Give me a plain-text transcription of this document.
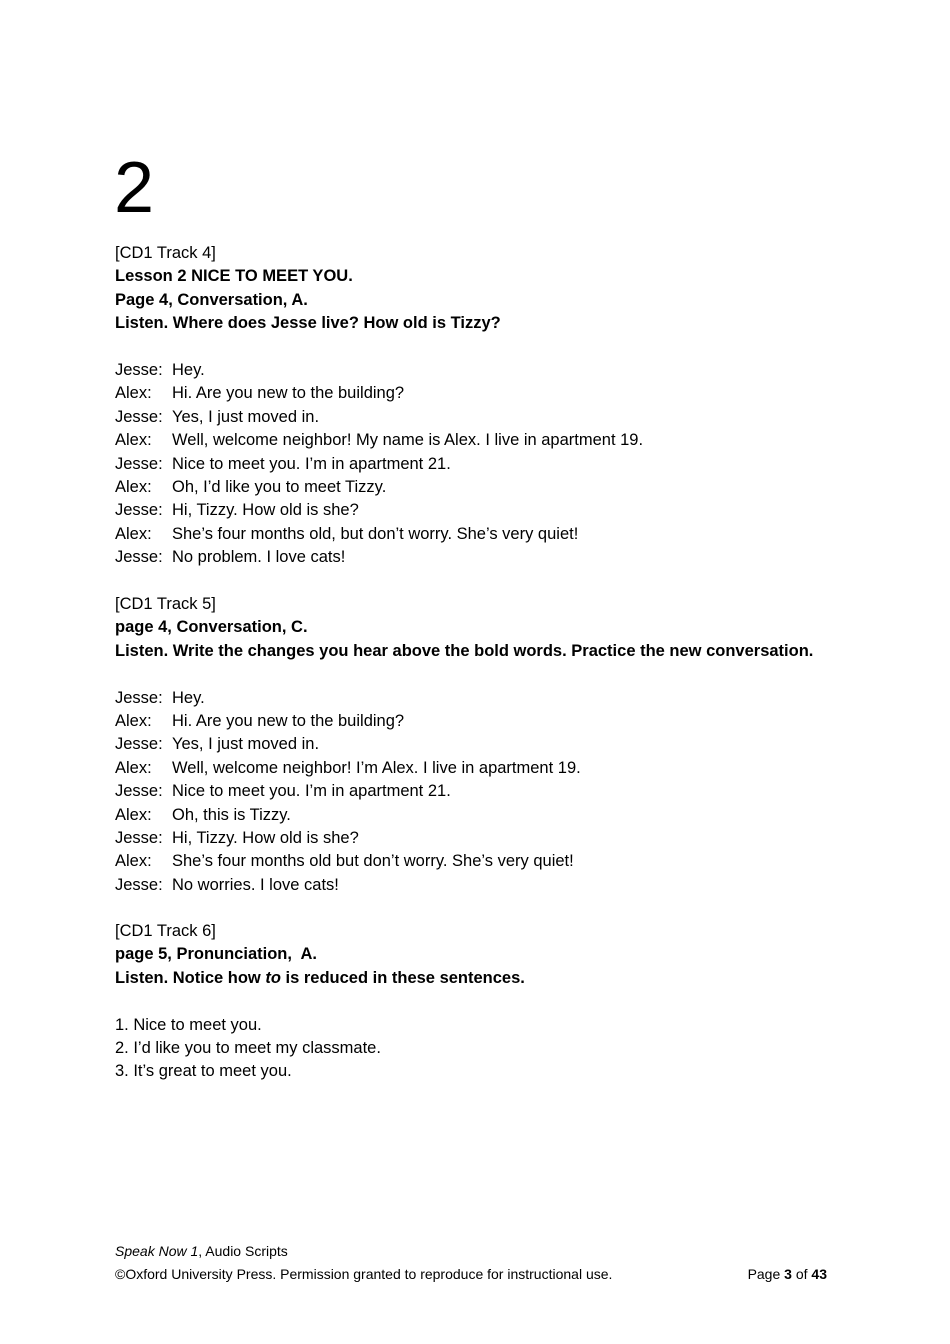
2
[CD1 Track 4]
Lesson 2 NICE TO MEET YOU.
Page 4, Conversation, A.
Listen. Where does Jesse live? How old is Tizzy?
Jesse: Hey.
Alex:	Hi. Are you new to the building?
Jesse: Yes, I just moved in.
Alex:	Well, welcome neighbor! My name is Alex. I live in apartment 19.
Jesse: Nice to meet you. I’m in apartment 21.
Alex:	Oh, I’d like you to meet Tizzy.
Jesse: Hi, Tizzy. How old is she?
Alex:	She’s four months old, but don’t worry. She’s very quiet!
Jesse: No problem. I love cats!
[CD1 Track 5]
page 4, Conversation, C.
Listen. Write the changes you hear above the bold words. Practice the new conversation.
Jesse: Hey.
Alex:	Hi. Are you new to the building?
Jesse: Yes, I just moved in.
Alex:	Well, welcome neighbor! I’m Alex. I live in apartment 19.
Jesse: Nice to meet you. I’m in apartment 21.
Alex:	Oh, this is Tizzy.
Jesse: Hi, Tizzy. How old is she?
Alex:	She’s four months old but don’t worry. She’s very quiet!
Jesse: No worries. I love cats!
[CD1 Track 6]
page 5, Pronunciation,  A.
Listen. Notice how to is reduced in these sentences.
1. Nice to meet you.
2. I’d like you to meet my classmate.
3. It’s great to meet you.
Speak Now 1, Audio Scripts
©Oxford University Press. Permission granted to reproduce for instructional use.	Page 3 of 43
